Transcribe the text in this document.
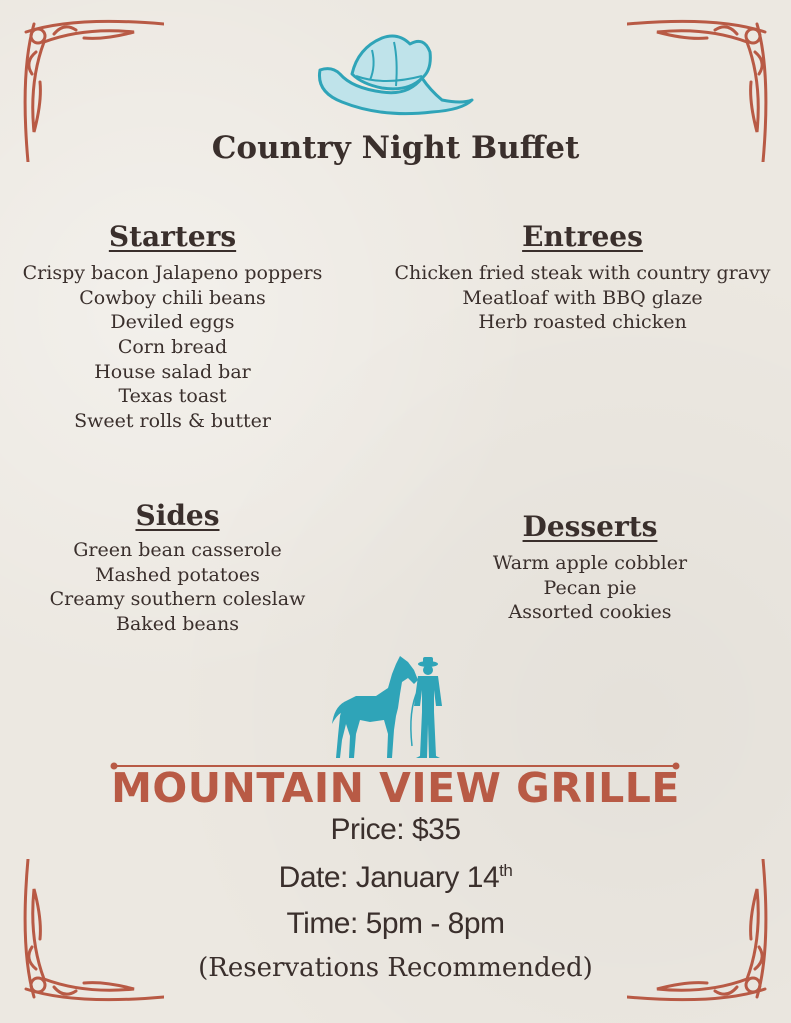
Country Night Buffet
Starters
Crispy bacon Jalapeno poppers
Cowboy chili beans
Deviled eggs
Corn bread
House salad bar
Texas toast
Sweet rolls & butter
Entrees
Chicken fried steak with country gravy
Meatloaf with BBQ glaze
Herb roasted chicken
Sides
Green bean casserole
Mashed potatoes
Creamy southern coleslaw
Baked beans
Desserts
Warm apple cobbler
Pecan pie
Assorted cookies
MOUNTAIN VIEW GRILLE
Price: $35
Date: January 14th
Time: 5pm - 8pm
(Reservations Recommended)
